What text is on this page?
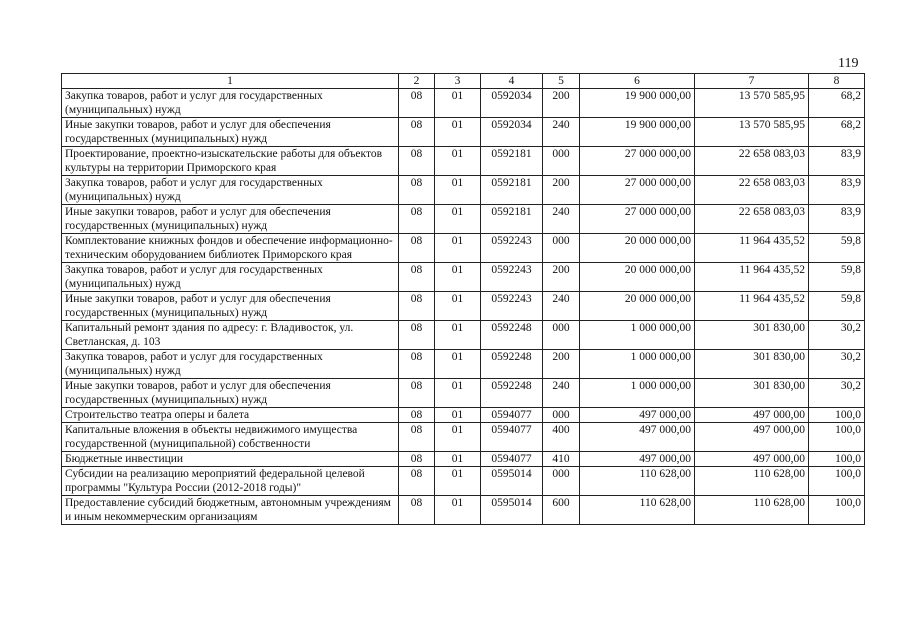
119
1	2	3	4	5	6	7	8
Закупка товаров, работ и услуг для государственных (муниципальных) нужд	08	01	0592034	200	19 900 000,00	13 570 585,95	68,2
Иные закупки товаров, работ и услуг для обеспечения государственных (муниципальных) нужд	08	01	0592034	240	19 900 000,00	13 570 585,95	68,2
Проектирование, проектно-изыскательские работы для объектов культуры на территории Приморского края	08	01	0592181	000	27 000 000,00	22 658 083,03	83,9
Закупка товаров, работ и услуг для государственных (муниципальных) нужд	08	01	0592181	200	27 000 000,00	22 658 083,03	83,9
Иные закупки товаров, работ и услуг для обеспечения государственных (муниципальных) нужд	08	01	0592181	240	27 000 000,00	22 658 083,03	83,9
Комплектование книжных фондов и обеспечение информационно-техническим оборудованием библиотек Приморского края	08	01	0592243	000	20 000 000,00	11 964 435,52	59,8
Закупка товаров, работ и услуг для государственных (муниципальных) нужд	08	01	0592243	200	20 000 000,00	11 964 435,52	59,8
Иные закупки товаров, работ и услуг для обеспечения государственных (муниципальных) нужд	08	01	0592243	240	20 000 000,00	11 964 435,52	59,8
Капитальный ремонт здания по адресу: г. Владивосток, ул. Светланская, д. 103	08	01	0592248	000	1 000 000,00	301 830,00	30,2
Закупка товаров, работ и услуг для государственных (муниципальных) нужд	08	01	0592248	200	1 000 000,00	301 830,00	30,2
Иные закупки товаров, работ и услуг для обеспечения государственных (муниципальных) нужд	08	01	0592248	240	1 000 000,00	301 830,00	30,2
Строительство театра оперы и балета	08	01	0594077	000	497 000,00	497 000,00	100,0
Капитальные вложения в объекты недвижимого имущества государственной (муниципальной) собственности	08	01	0594077	400	497 000,00	497 000,00	100,0
Бюджетные инвестиции	08	01	0594077	410	497 000,00	497 000,00	100,0
Субсидии на реализацию мероприятий федеральной целевой программы "Культура России (2012-2018 годы)"	08	01	0595014	000	110 628,00	110 628,00	100,0
Предоставление субсидий бюджетным, автономным учреждениям и иным некоммерческим организациям	08	01	0595014	600	110 628,00	110 628,00	100,0
